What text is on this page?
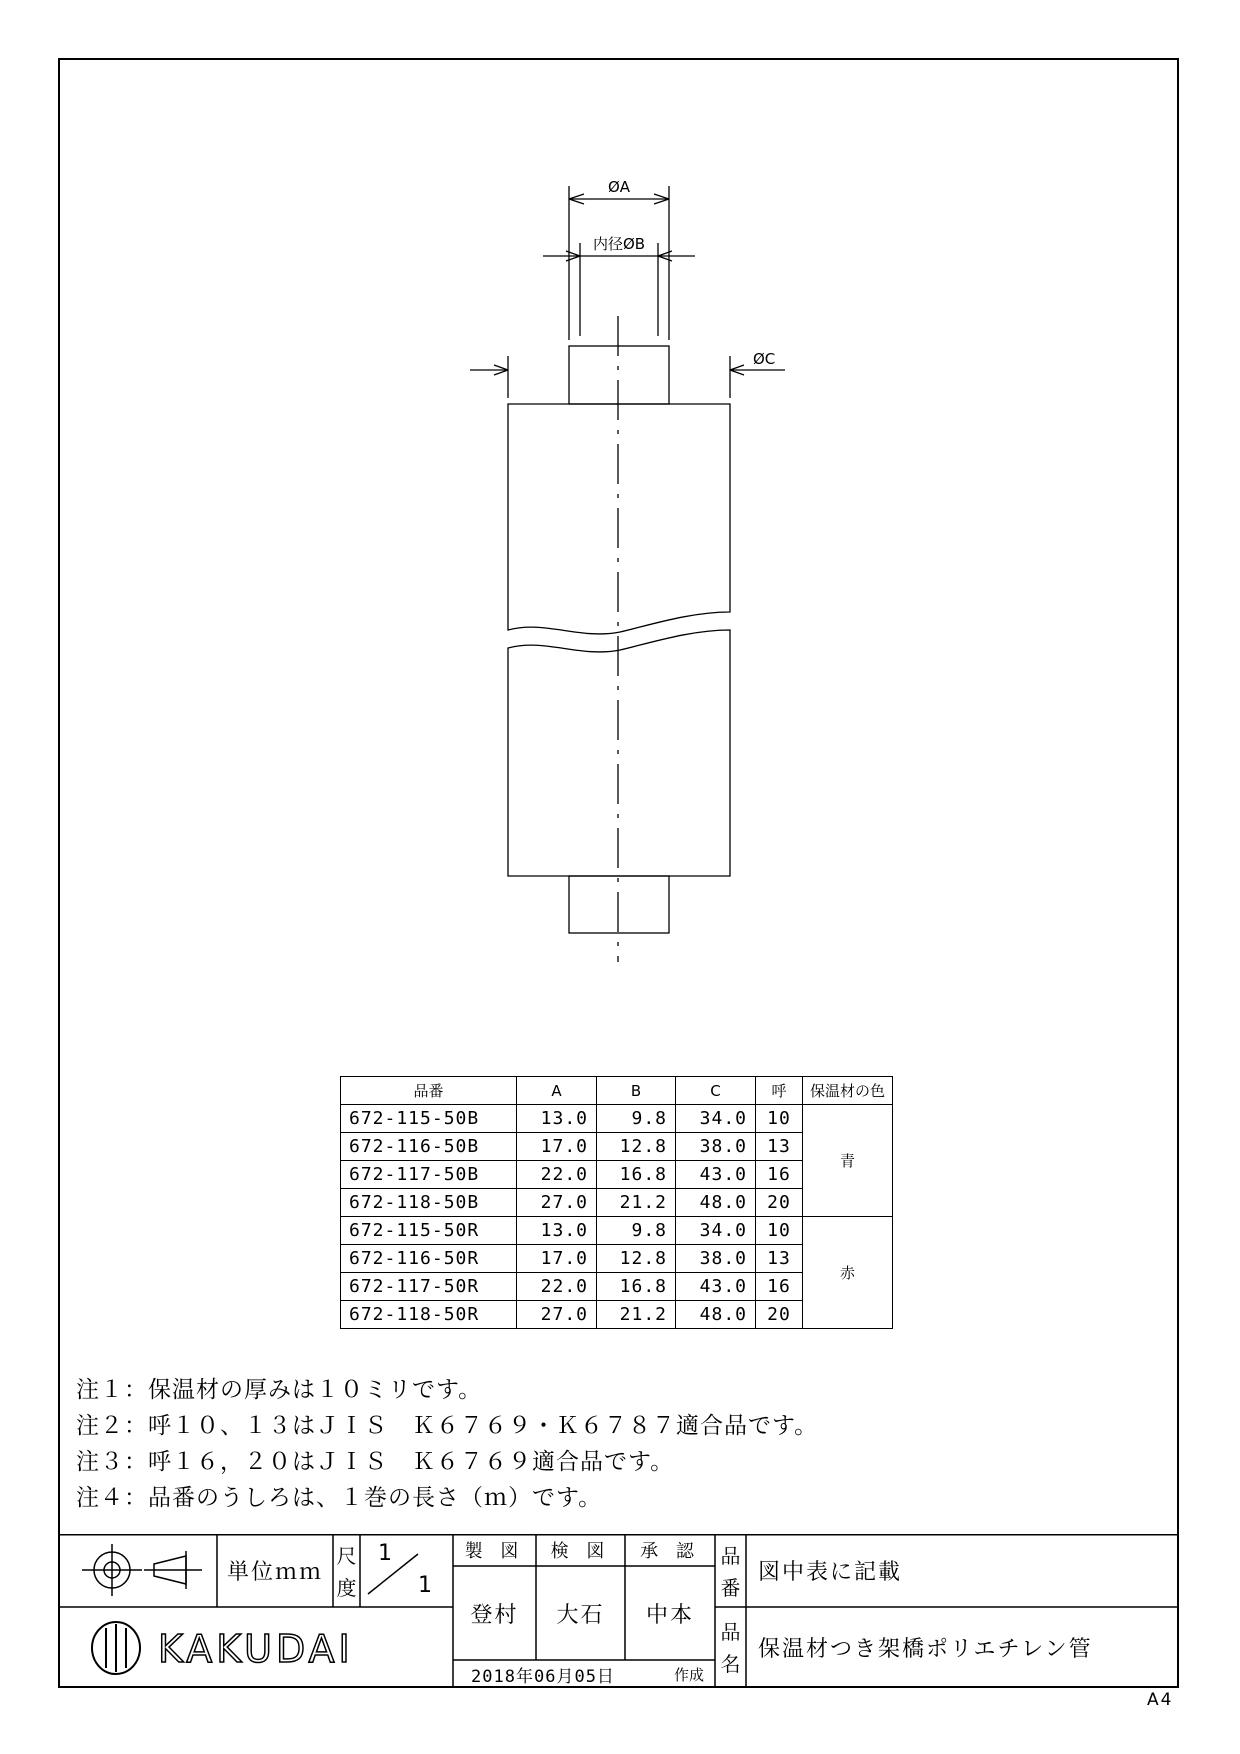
ØA
内径ØB
ØC
品番	A	B	C	呼	保温材の色
672-115-50B	13.0	9.8	34.0	10	青
672-116-50B	17.0	12.8	38.0	13	
672-117-50B	22.0	16.8	43.0	16	
672-118-50B	27.0	21.2	48.0	20	
672-115-50R	13.0	9.8	34.0	10	赤
672-116-50R	17.0	12.8	38.0	13	
672-117-50R	22.0	16.8	43.0	16	
672-118-50R	27.0	21.2	48.0	20	
注１：保温材の厚みは１０ミリです。
注２：呼１０、１３はＪＩＳ　Ｋ６７６９・Ｋ６７８７適合品です。
注３：呼１６，２０はＪＩＳ　Ｋ６７６９適合品です。
注４：品番のうしろは、１巻の長さ（ｍ）です。
単位ｍｍ
尺
度
1
1
製 図	検 図	承 認
登村	大石	中本
2018年06月05日	作成
品
番
図中表に記載
品
名
保温材つき架橋ポリエチレン管
KAKUDAI
A4
